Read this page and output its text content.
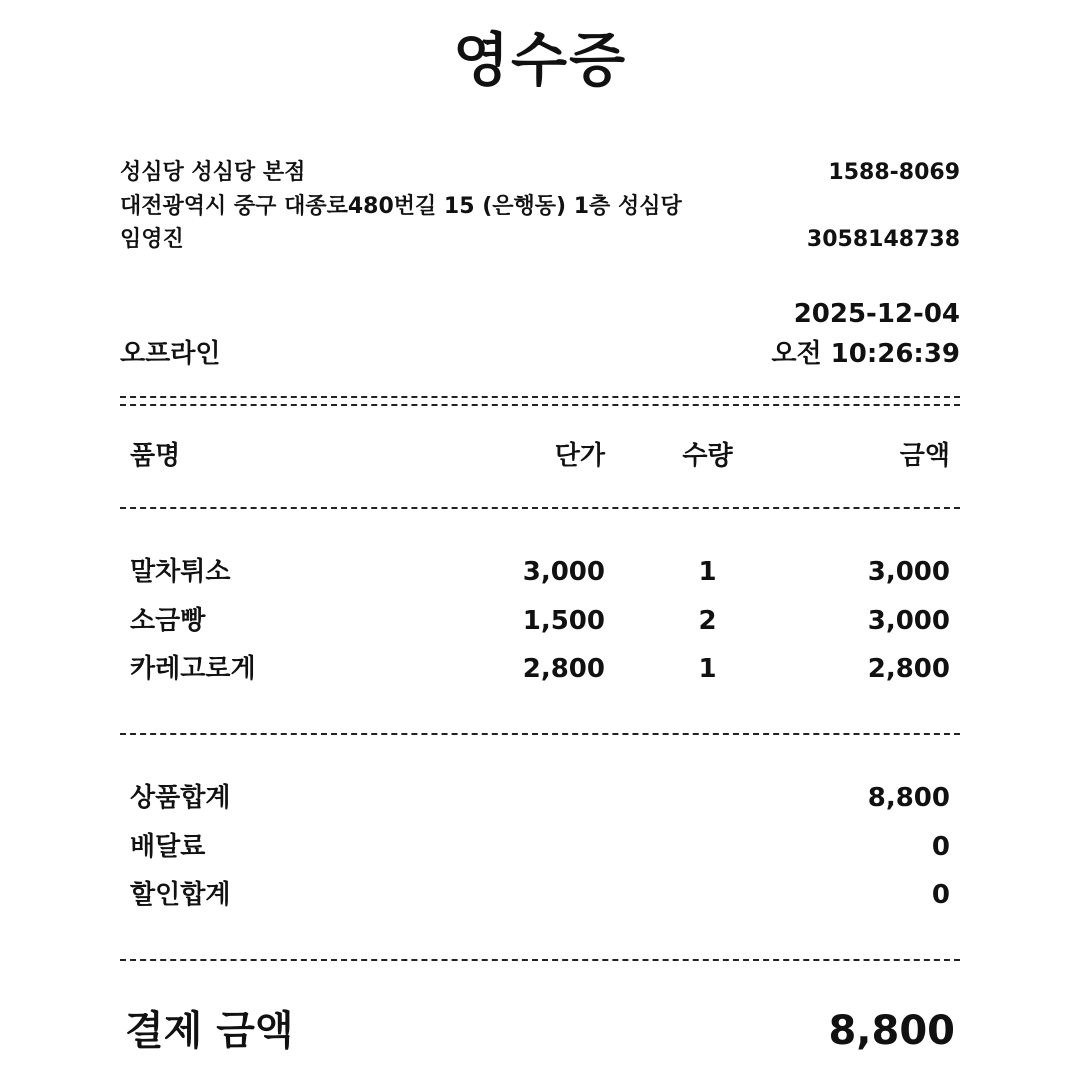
영수증
성심당 성심당 본점	1588-8069
대전광역시 중구 대종로480번길 15 (은행동) 1층 성심당
임영진	3058148738
2025-12-04
오프라인	오전 10:26:39
품명	단가	수량	금액
말차튀소	3,000	1	3,000
소금빵	1,500	2	3,000
카레고로게	2,800	1	2,800
상품합계	8,800
배달료	0
할인합계	0
결제 금액	8,800
